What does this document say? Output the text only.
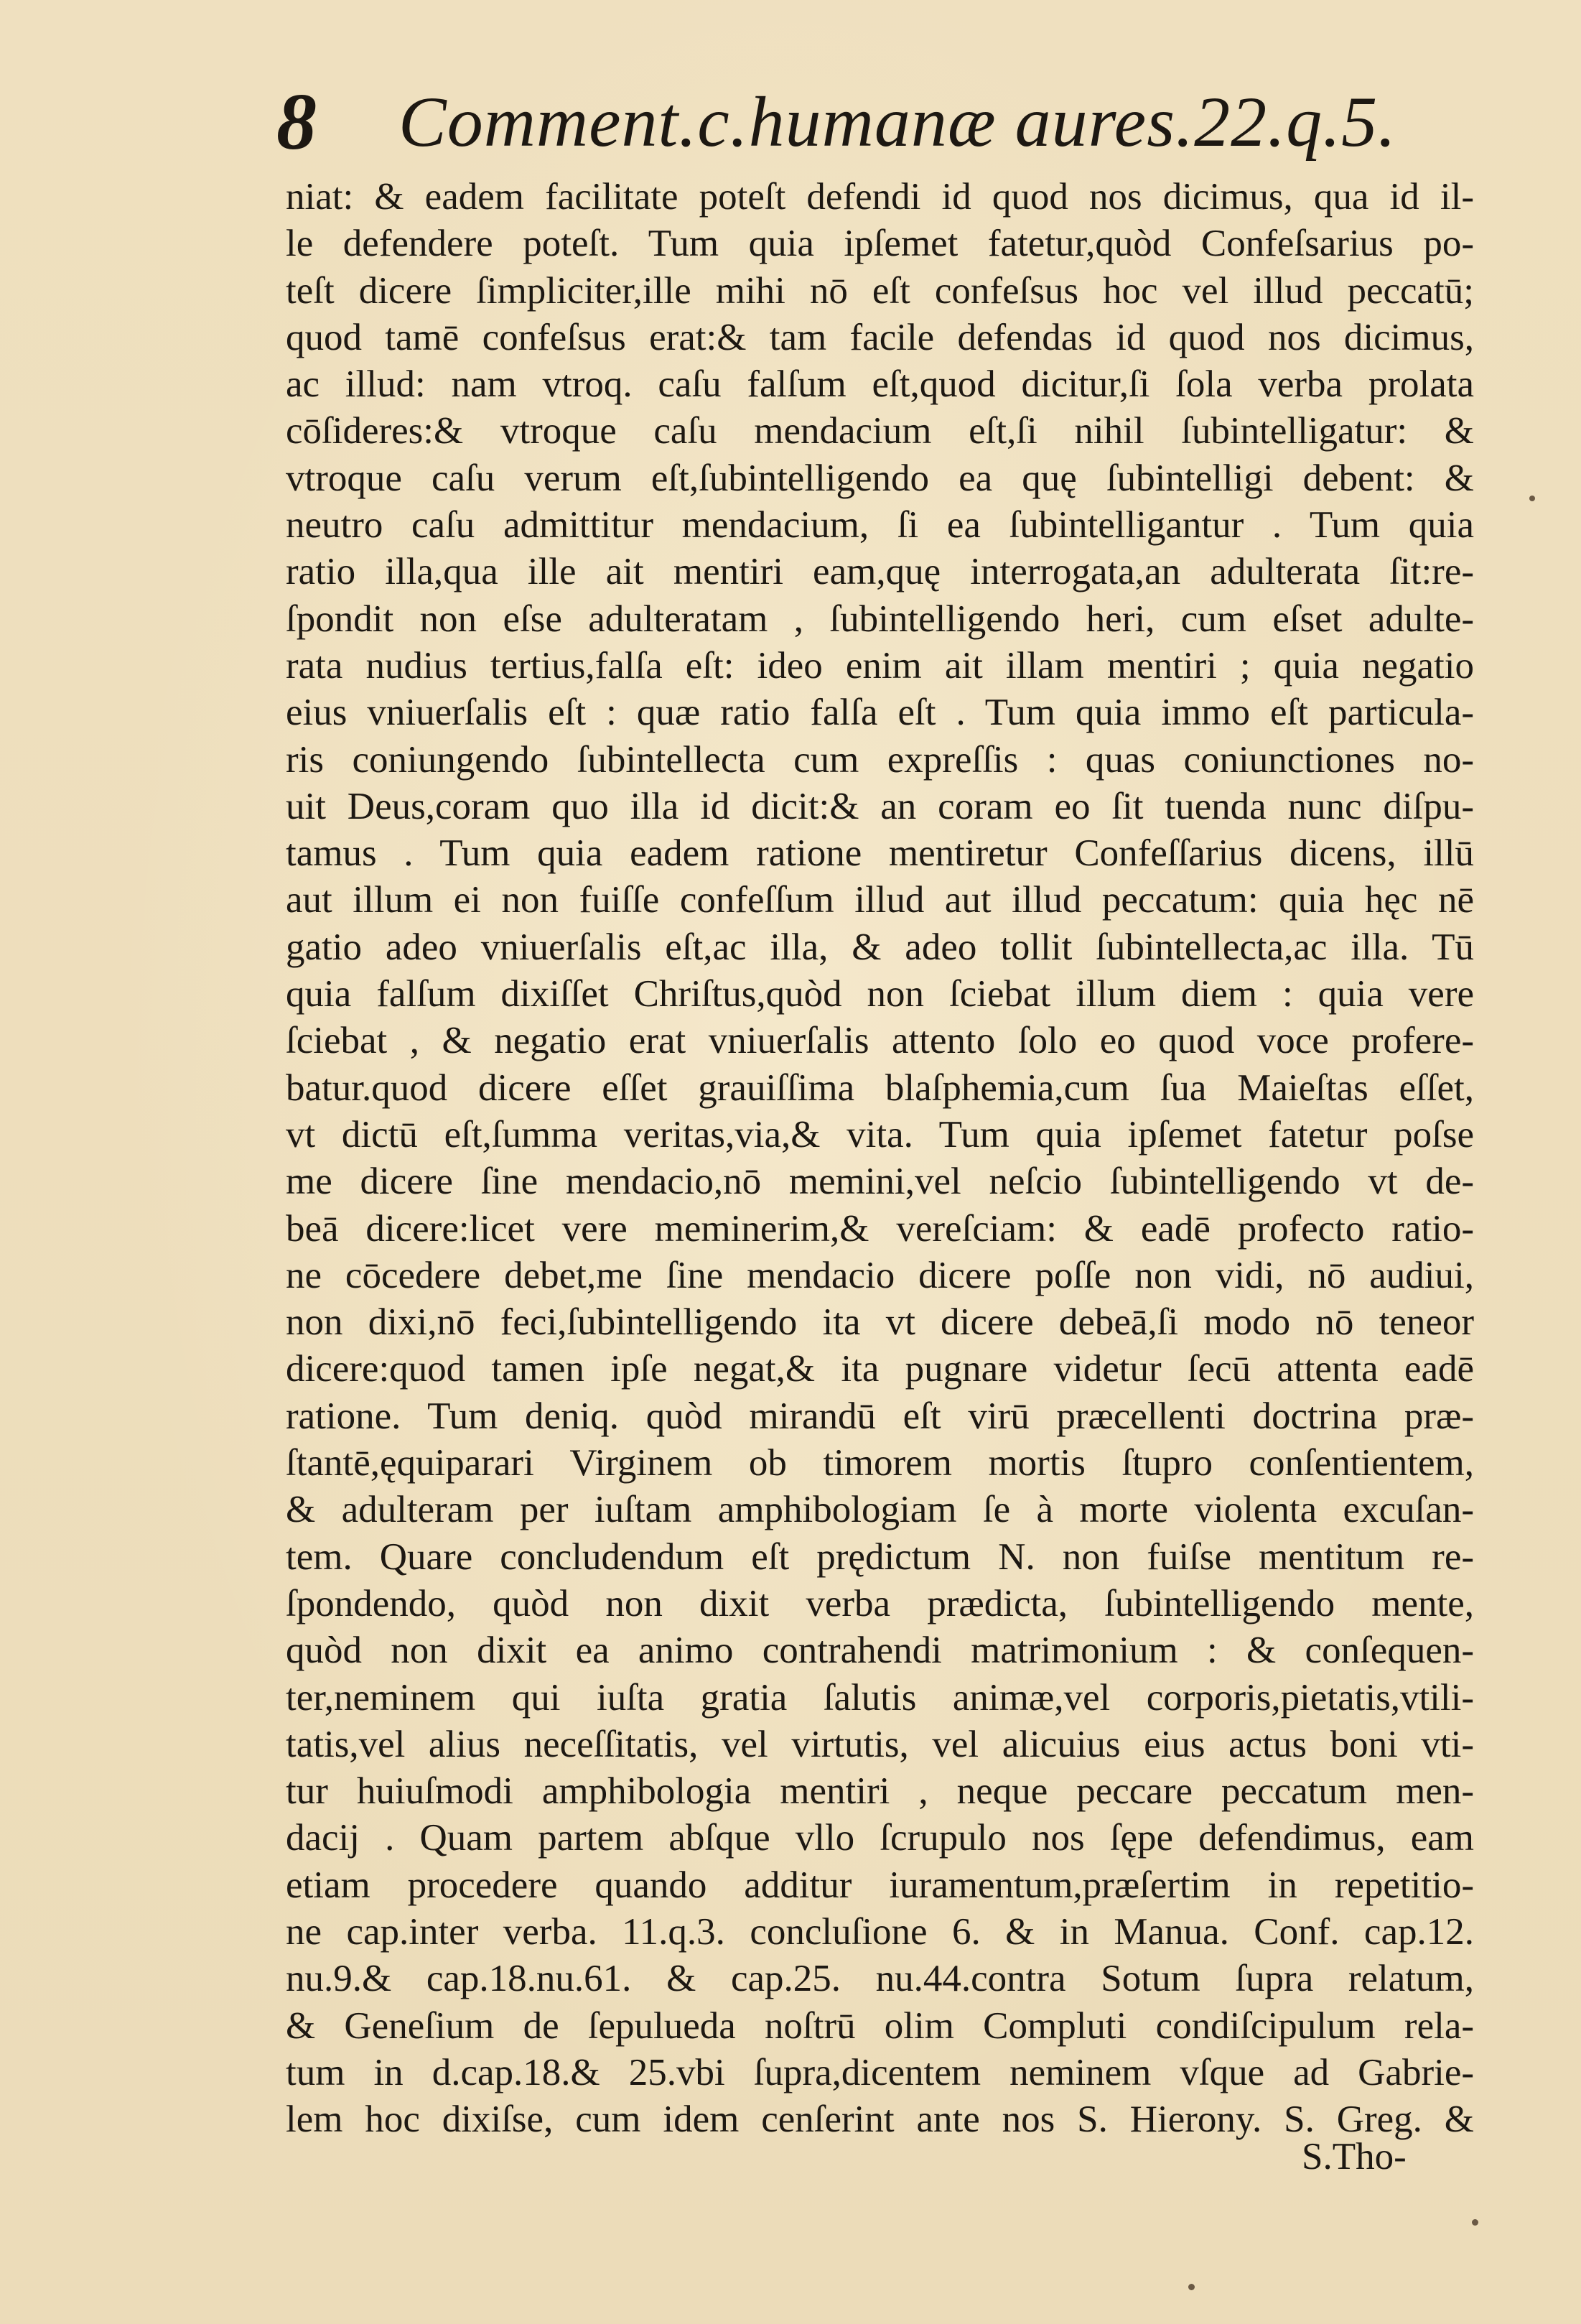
8 Comment.c.humanæ aures.22.q.5.
niat: & eadem facilitate poteſt defendi id quod nos dicimus, qua id il-
le defendere poteſt. Tum quia ipſemet fatetur,quòd Confeſsarius po-
teſt dicere ſimpliciter,ille mihi nō eſt confeſsus hoc vel illud peccatū;
quod tamē confeſsus erat:& tam facile defendas id quod nos dicimus,
ac illud: nam vtroq. caſu falſum eſt,quod dicitur,ſi ſola verba prolata
cōſideres:& vtroque caſu mendacium eſt,ſi nihil ſubintelligatur: &
vtroque caſu verum eſt,ſubintelligendo ea quę ſubintelligi debent: &
neutro caſu admittitur mendacium, ſi ea ſubintelligantur . Tum quia
ratio illa,qua ille ait mentiri eam,quę interrogata,an adulterata ſit:re-
ſpondit non eſse adulteratam , ſubintelligendo heri, cum eſset adulte-
rata nudius tertius,falſa eſt: ideo enim ait illam mentiri ; quia negatio
eius vniuerſalis eſt : quæ ratio falſa eſt . Tum quia immo eſt particula-
ris coniungendo ſubintellecta cum expreſſis : quas coniunctiones no-
uit Deus,coram quo illa id dicit:& an coram eo ſit tuenda nunc diſpu-
tamus . Tum quia eadem ratione mentiretur Confeſſarius dicens, illū
aut illum ei non fuiſſe confeſſum illud aut illud peccatum: quia hęc nē
gatio adeo vniuerſalis eſt,ac illa, & adeo tollit ſubintellecta,ac illa. Tū
quia falſum dixiſſet Chriſtus,quòd non ſciebat illum diem : quia vere
ſciebat , & negatio erat vniuerſalis attento ſolo eo quod voce profere-
batur.quod dicere eſſet grauiſſima blaſphemia,cum ſua Maieſtas eſſet,
vt dictū eſt,ſumma veritas,via,& vita. Tum quia ipſemet fatetur poſse
me dicere ſine mendacio,nō memini,vel neſcio ſubintelligendo vt de-
beā dicere:licet vere meminerim,& vereſciam: & eadē profecto ratio-
ne cōcedere debet,me ſine mendacio dicere poſſe non vidi, nō audiui,
non dixi,nō feci,ſubintelligendo ita vt dicere debeā,ſi modo nō teneor
dicere:quod tamen ipſe negat,& ita pugnare videtur ſecū attenta eadē
ratione. Tum deniq. quòd mirandū eſt virū præcellenti doctrina præ-
ſtantē,ęquiparari Virginem ob timorem mortis ſtupro conſentientem,
& adulteram per iuſtam amphibologiam ſe à morte violenta excuſan-
tem. Quare concludendum eſt prędictum N. non fuiſse mentitum re-
ſpondendo, quòd non dixit verba prædicta, ſubintelligendo mente,
quòd non dixit ea animo contrahendi matrimonium : & conſequen-
ter,neminem qui iuſta gratia ſalutis animæ,vel corporis,pietatis,vtili-
tatis,vel alius neceſſitatis, vel virtutis, vel alicuius eius actus boni vti-
tur huiuſmodi amphibologia mentiri , neque peccare peccatum men-
dacij . Quam partem abſque vllo ſcrupulo nos ſępe defendimus, eam
etiam procedere quando additur iuramentum,præſertim in repetitio-
ne cap.inter verba. 11.q.3. concluſione 6. & in Manua. Conf. cap.12.
nu.9.& cap.18.nu.61. & cap.25. nu.44.contra Sotum ſupra relatum,
& Geneſium de ſepulueda noſtrū olim Compluti condiſcipulum rela-
tum in d.cap.18.& 25.vbi ſupra,dicentem neminem vſque ad Gabrie-
lem hoc dixiſse, cum idem cenſerint ante nos S. Hierony. S. Greg. &
S.Tho-
